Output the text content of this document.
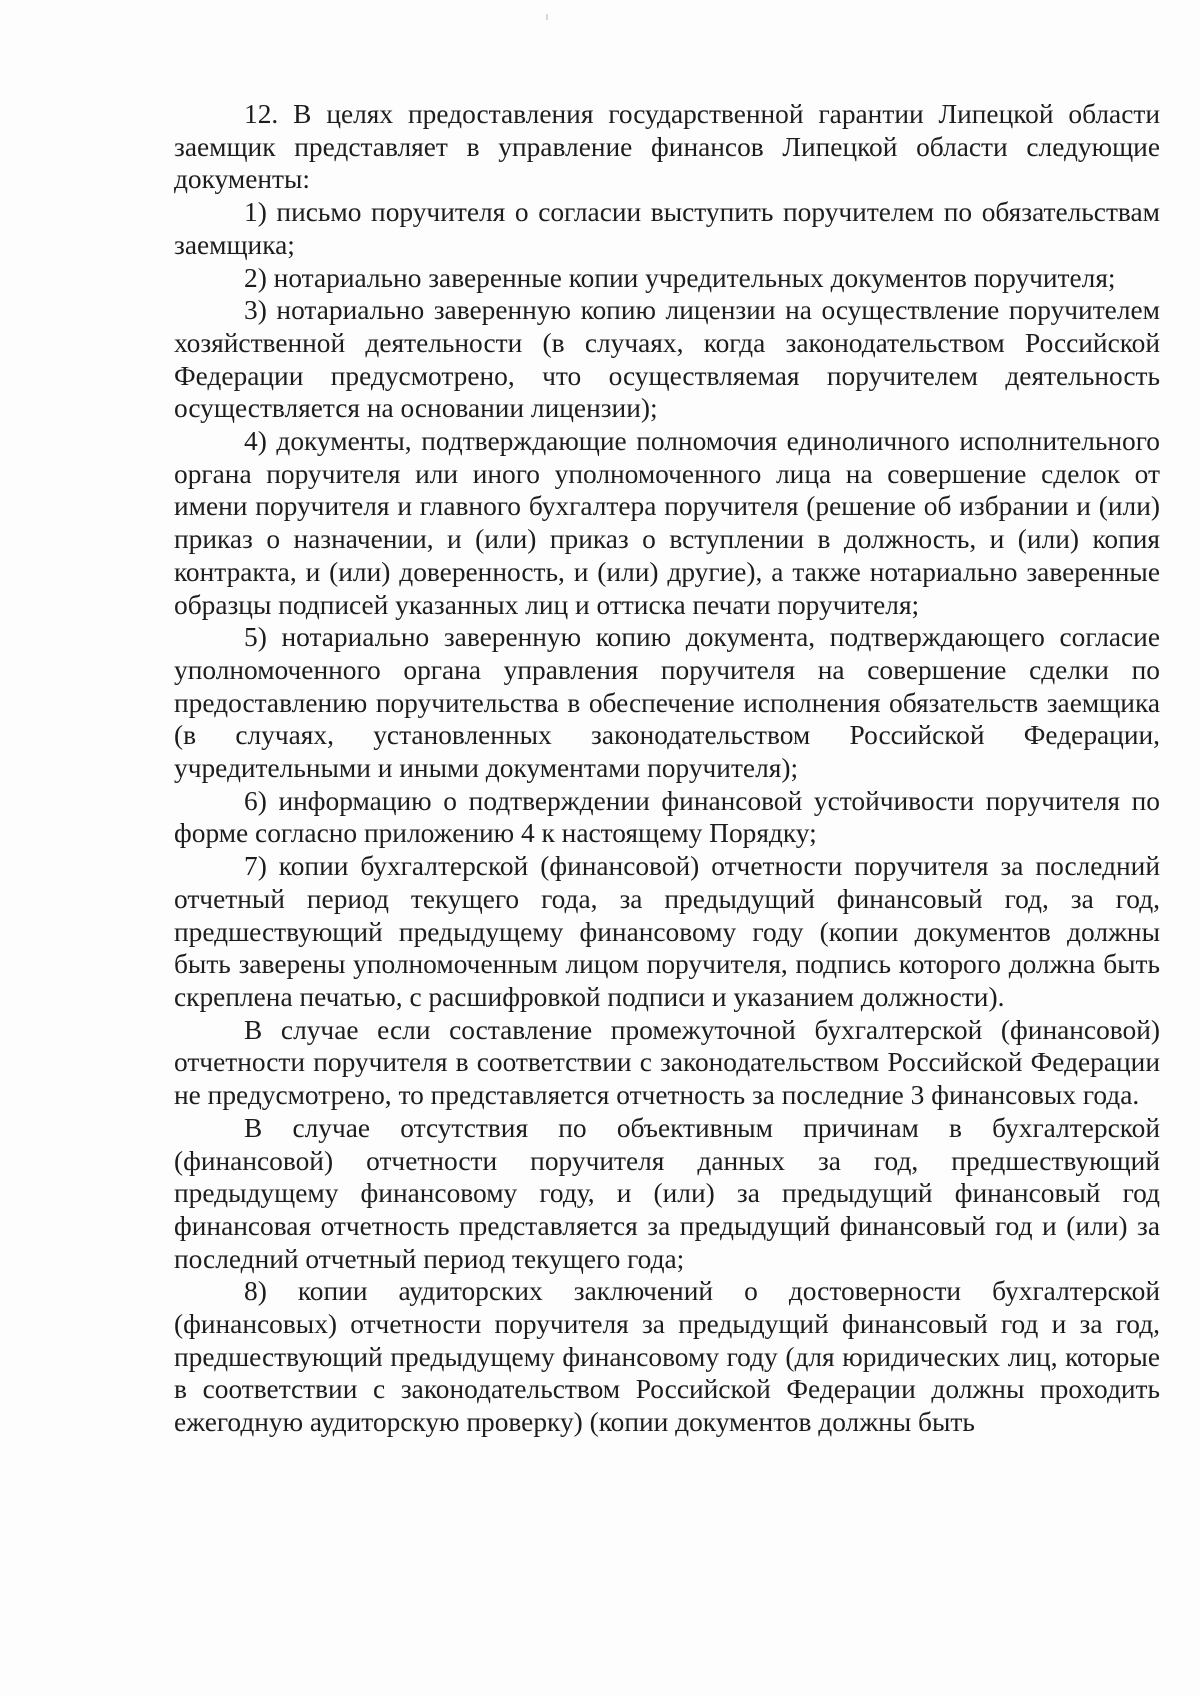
12. В целях предоставления государственной гарантии Липецкой области заемщик представляет в управление финансов Липецкой области следующие документы:

1) письмо поручителя о согласии выступить поручителем по обязательствам заемщика;

2) нотариально заверенные копии учредительных документов поручителя;

3) нотариально заверенную копию лицензии на осуществление поручителем хозяйственной деятельности (в случаях, когда законодательством Российской Федерации предусмотрено, что осуществляемая поручителем деятельность осуществляется на основании лицензии);

4) документы, подтверждающие полномочия единоличного исполнительного органа поручителя или иного уполномоченного лица на совершение сделок от имени поручителя и главного бухгалтера поручителя (решение об избрании и (или) приказ о назначении, и (или) приказ о вступлении в должность, и (или) копия контракта, и (или) доверенность, и (или) другие), а также нотариально заверенные образцы подписей указанных лиц и оттиска печати поручителя;

5) нотариально заверенную копию документа, подтверждающего согласие уполномоченного органа управления поручителя на совершение сделки по предоставлению поручительства в обеспечение исполнения обязательств заемщика (в случаях, установленных законодательством Российской Федерации, учредительными и иными документами поручителя);

6) информацию о подтверждении финансовой устойчивости поручителя по форме согласно приложению 4 к настоящему Порядку;

7) копии бухгалтерской (финансовой) отчетности поручителя за последний отчетный период текущего года, за предыдущий финансовый год, за год, предшествующий предыдущему финансовому году (копии документов должны быть заверены уполномоченным лицом поручителя, подпись которого должна быть скреплена печатью, с расшифровкой подписи и указанием должности).

В случае если составление промежуточной бухгалтерской (финансовой) отчетности поручителя в соответствии с законодательством Российской Федерации не предусмотрено, то представляется отчетность за последние 3 финансовых года.

В случае отсутствия по объективным причинам в бухгалтерской (финансовой) отчетности поручителя данных за год, предшествующий предыдущему финансовому году, и (или) за предыдущий финансовый год финансовая отчетность представляется за предыдущий финансовый год и (или) за последний отчетный период текущего года;

8) копии аудиторских заключений о достоверности бухгалтерской (финансовых) отчетности поручителя за предыдущий финансовый год и за год, предшествующий предыдущему финансовому году (для юридических лиц, которые в соответствии с законодательством Российской Федерации должны проходить ежегодную аудиторскую проверку) (копии документов должны быть
